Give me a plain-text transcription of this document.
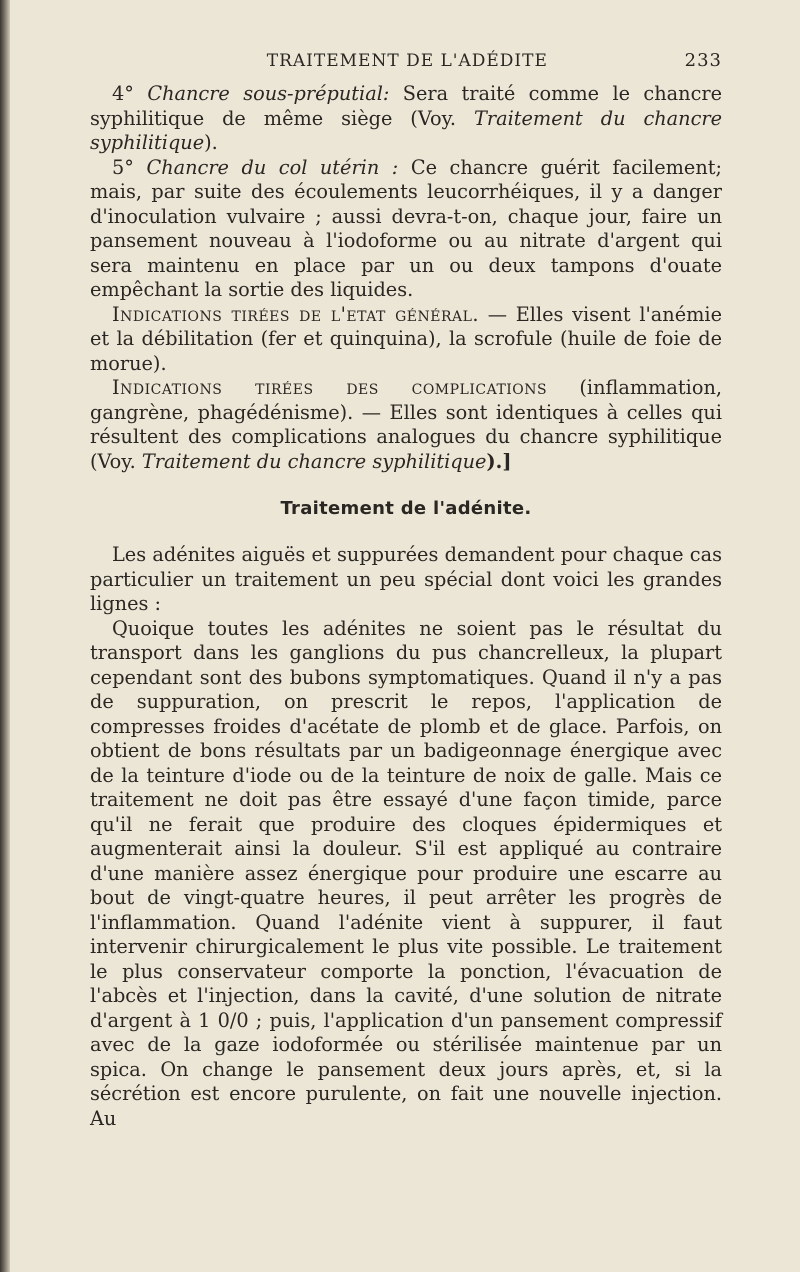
TRAITEMENT DE L'ADÉDITE	233

4° Chancre sous-préputial: Sera traité comme le chancre syphilitique de même siège (Voy. Traitement du chancre syphilitique).

5° Chancre du col utérin : Ce chancre guérit facilement; mais, par suite des écoulements leucorrhéiques, il y a danger d'inoculation vulvaire ; aussi devra-t-on, chaque jour, faire un pansement nouveau à l'iodoforme ou au nitrate d'argent qui sera maintenu en place par un ou deux tampons d'ouate empêchant la sortie des liquides.

Indications tirées de l'etat général. — Elles visent l'anémie et la débilitation (fer et quinquina), la scrofule (huile de foie de morue).

Indications tirées des complications (inflammation, gangrène, phagédénisme). — Elles sont identiques à celles qui résultent des complications analogues du chancre syphilitique (Voy. Traitement du chancre syphilitique).]

Traitement de l'adénite.

Les adénites aiguës et suppurées demandent pour chaque cas particulier un traitement un peu spécial dont voici les grandes lignes :

Quoique toutes les adénites ne soient pas le résultat du transport dans les ganglions du pus chancrelleux, la plupart cependant sont des bubons symptomatiques. Quand il n'y a pas de suppuration, on prescrit le repos, l'application de compresses froides d'acétate de plomb et de glace. Parfois, on obtient de bons résultats par un badigeonnage énergique avec de la teinture d'iode ou de la teinture de noix de galle. Mais ce traitement ne doit pas être essayé d'une façon timide, parce qu'il ne ferait que produire des cloques épidermiques et augmenterait ainsi la douleur. S'il est appliqué au contraire d'une manière assez énergique pour produire une escarre au bout de vingt-quatre heures, il peut arrêter les progrès de l'inflammation. Quand l'adénite vient à suppurer, il faut intervenir chirurgicalement le plus vite possible. Le traitement le plus conservateur comporte la ponction, l'évacuation de l'abcès et l'injection, dans la cavité, d'une solution de nitrate d'argent à 1 0/0 ; puis, l'application d'un pansement compressif avec de la gaze iodoformée ou stérilisée maintenue par un spica. On change le pansement deux jours après, et, si la sécrétion est encore purulente, on fait une nouvelle injection. Au
